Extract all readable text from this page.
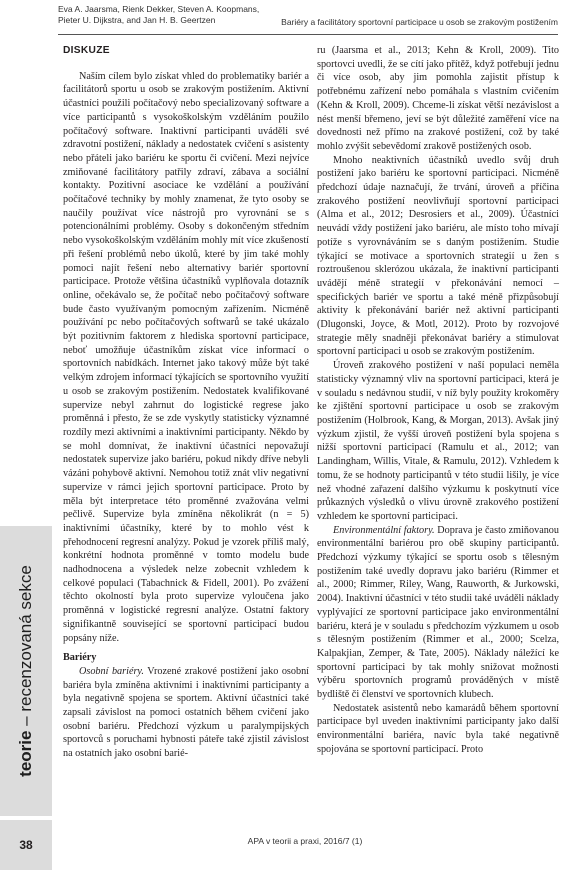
Eva A. Jaarsma, Rienk Dekker, Steven A. Koopmans,
Pieter U. Dijkstra, and Jan H. B. Geertzen	Bariéry a facilitátory sportovní participace u osob se zrakovým postižením
DISKUZE

Naším cílem bylo získat vhled do problematiky bariér a facilitátorů sportu u osob se zrakovým postižením. Aktivní účastníci použili počítačový nebo specializovaný software a více participantů s vysokoškolským vzděláním použilo počítačový software. Inaktivní participanti uváděli své zdravotní postižení, náklady a nedostatek cvičení s asistenty nebo přáteli jako bariéru ke sportu či cvičení. Mezi nejvíce zmiňované facilitátory patřily zdraví, zábava a sociální kontakty. Pozitivní asociace ke vzdělání a používání počítačové techniky by mohly znamenat, že tyto osoby se naučily používat více nástrojů pro vyrovnání se s potencionálními problémy. Osoby s dokončeným středním nebo vysokoškolským vzděláním mohly mít více zkušeností při řešení problémů nebo úkolů, které by jim také mohly pomoci najít řešení nebo alternativy bariér sportovní participace. Protože většina účastníků vyplňovala dotazník online, očekávalo se, že počítač nebo počítačový software bude často využívaným pomocným zařízením. Nicméně používání pc nebo počítačových softwarů se také ukázalo být pozitivním faktorem z hlediska sportovní participace, neboť umožňuje účastníkům získat více informací o sportovních nabídkách. Internet jako takový může být také velkým zdrojem informací týkajících se sportovního využití u osob se zrakovým postižením. Nedostatek kvalifikované supervize nebyl zahrnut do logistické regrese jako proměnná i přesto, že se zde vyskytly statisticky významné rozdíly mezi aktivními a inaktivními participanty. Někdo by se mohl domnívat, že inaktivní účastníci nepovažují nedostatek supervize jako bariéru, pokud nikdy dříve nebyli vázáni pohybově aktivní. Nemohou totiž znát vliv negativní supervize v rámci jejich sportovní participace. Proto by měla být interpretace této proměnné zvažována velmi pečlivě. Supervize byla zmíněna několikrát (n = 5) inaktivními účastníky, které by to mohlo vést k přehodnocení regresní analýzy. Pokud je vzorek příliš malý, konkrétní hodnota proměnné v tomto modelu bude nadhodnocena a výsledek nelze zobecnit vzhledem k celkové populaci (Tabachnick & Fidell, 2001). Po zvážení těchto okolností byla proto supervize vyloučena jako proměnná v logistické regresní analýze. Ostatní faktory signifikantně související se sportovní participací budou popsány níže.

Bariéry

Osobní bariéry. Vrozené zrakové postižení jako osobní bariéra byla zmíněna aktivními i inaktivními participanty a byla negativně spojena se sportem. Aktivní účastníci také zapsali závislost na pomoci ostatních během cvičení jako osobní bariéru. Předchozí výzkum u paralympijských sportovců s poruchami hybnosti páteře také zjistil závislost na ostatních jako osobní barié-

ru (Jaarsma et al., 2013; Kehn & Kroll, 2009). Tito sportovci uvedli, že se cítí jako přítěž, když potřebují jednu či více osob, aby jim pomohla zajistit přístup k potřebnému zařízení nebo pomáhala s vlastním cvičením (Kehn & Kroll, 2009). Chceme-li získat větší nezávislost a nést menší břemeno, jeví se být důležité zaměření více na dovednosti než přímo na zrakové postižení, což by také mohlo zvýšit sebevědomí zrakově postižených osob.

Mnoho neaktivních účastníků uvedlo svůj druh postižení jako bariéru ke sportovní participaci. Nicméně předchozí údaje naznačují, že trvání, úroveň a příčina zrakového postižení neovlivňují sportovní participaci (Alma et al., 2012; Desrosiers et al., 2009). Účastníci neuvádí vždy postižení jako bariéru, ale místo toho mívají potíže s vyrovnáváním se s daným postižením. Studie týkající se motivace a sportovních strategií u žen s roztroušenou sklerózou ukázala, že inaktivní participanti uvádějí méně strategií v překonávání nemocí – specifických bariér ve sportu a také méně přizpůsobují aktivity k překonávání bariér než aktivní participanti (Dlugonski, Joyce, & Motl, 2012). Proto by rozvojové strategie měly snadněji překonávat bariéry a stimulovat sportovní participaci u osob se zrakovým postižením.

Úroveň zrakového postižení v naší populaci neměla statisticky významný vliv na sportovní participaci, která je v souladu s nedávnou studií, v níž byly použity krokoměry ke zjištění sportovní participace u osob se zrakovým postižením (Holbrook, Kang, & Morgan, 2013). Avšak jiný výzkum zjistil, že vyšší úroveň postižení byla spojena s nižší sportovní participací (Ramulu et al., 2012; van Landingham, Willis, Vitale, & Ramulu, 2012). Vzhledem k tomu, že se hodnoty participantů v této studii lišily, je více než vhodné zařazení dalšího výzkumu k poskytnutí více průkazných výsledků o vlivu úrovně zrakového postižení vzhledem ke sportovní participaci.

Environmentální faktory. Doprava je často zmiňovanou environmentální bariérou pro obě skupiny participantů. Předchozí výzkumy týkající se sportu osob s tělesným postižením také uvedly dopravu jako bariéru (Rimmer et al., 2000; Rimmer, Riley, Wang, Rauworth, & Jurkowski, 2004). Inaktivní účastníci v této studii také uváděli náklady vyplývající ze sportovní participace jako environmentální bariéru, která je v souladu s předchozím výzkumem u osob s tělesným postižením (Rimmer et al., 2000; Scelza, Kalpakjian, Zemper, & Tate, 2005). Náklady náležící ke sportovní participaci by tak mohly snižovat možnosti výběru sportovních programů prováděných v místě bydliště či členství ve sportovních klubech.

Nedostatek asistentů nebo kamarádů během sportovní participace byl uveden inaktivními participanty jako další environmentální bariéra, navíc byla také negativně spojována se sportovní participací. Proto

teorie

– recenzovaná sekce
38	APA v teorii a praxi, 2016/7 (1)
